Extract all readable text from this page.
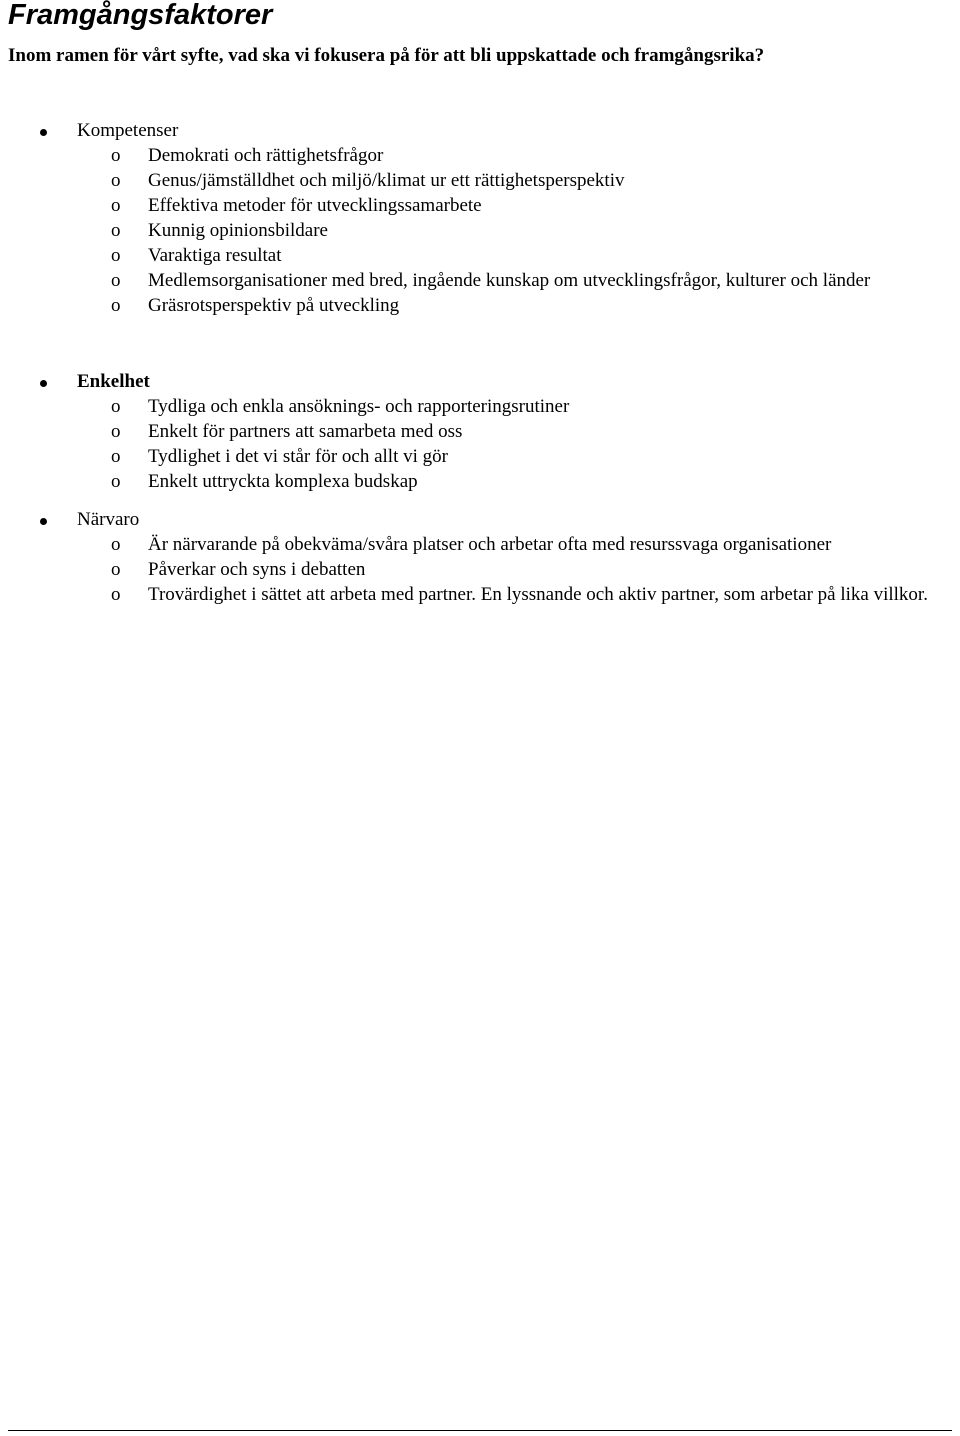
Framgångsfaktorer

Inom ramen för vårt syfte, vad ska vi fokusera på för att bli uppskattade och framgångsrika?

Kompetenser
o Demokrati och rättighetsfrågor
o Genus/jämställdhet och miljö/klimat ur ett rättighetsperspektiv
o Effektiva metoder för utvecklingssamarbete
o Kunnig opinionsbildare
o Varaktiga resultat
o Medlemsorganisationer med bred, ingående kunskap om utvecklingsfrågor, kulturer och länder
o Gräsrotsperspektiv på utveckling
Enkelhet
o Tydliga och enkla ansöknings- och rapporteringsrutiner
o Enkelt för partners att samarbeta med oss
o Tydlighet i det vi står för och allt vi gör
o Enkelt uttryckta komplexa budskap
Närvaro
o Är närvarande på obekväma/svåra platser och arbetar ofta med resurssvaga organisationer
o Påverkar och syns i debatten
o Trovärdighet i sättet att arbeta med partner. En lyssnande och aktiv partner, som arbetar på lika villkor.
